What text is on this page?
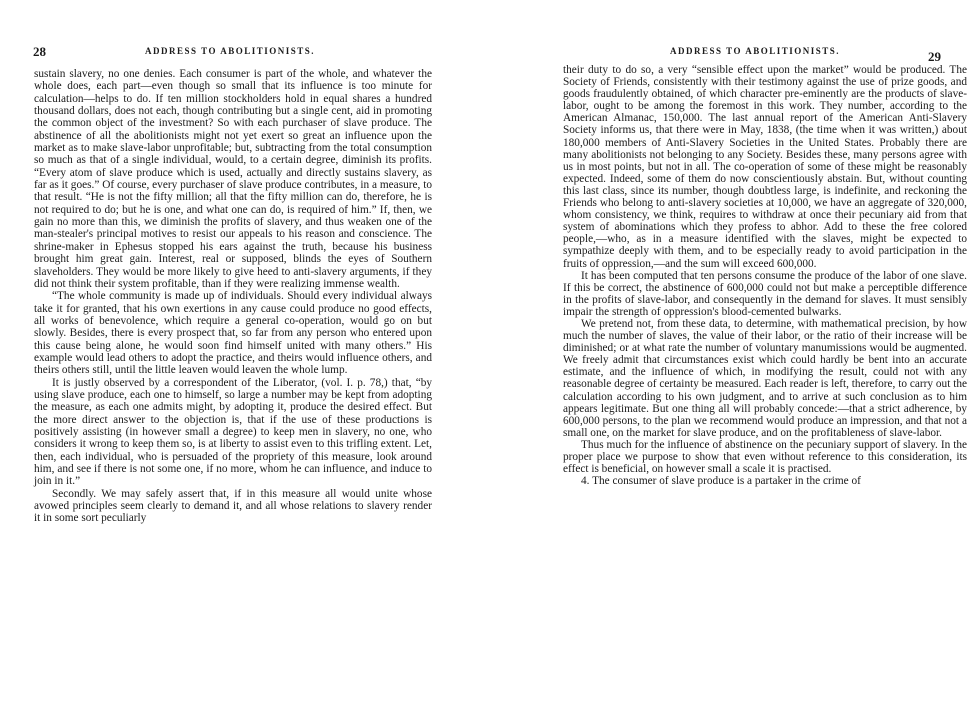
28	ADDRESS TO ABOLITIONISTS.

sustain slavery, no one denies. Each consumer is part of the whole, and whatever the whole does, each part—even though so small that its influence is too minute for calculation—helps to do. If ten million stockholders hold in equal shares a hundred thousand dollars, does not each, though contributing but a single cent, aid in promoting the common object of the investment? So with each purchaser of slave produce. The abstinence of all the abolitionists might not yet exert so great an influence upon the market as to make slave-labor unprofitable; but, subtracting from the total consumption so much as that of a single individual, would, to a certain degree, diminish its profits. “Every atom of slave produce which is used, actually and directly sustains slavery, as far as it goes.” Of course, every purchaser of slave produce contributes, in a measure, to that result. “He is not the fifty million; all that the fifty million can do, therefore, he is not required to do; but he is one, and what one can do, is required of him.” If, then, we gain no more than this, we diminish the profits of slavery, and thus weaken one of the man-stealer's principal motives to resist our appeals to his reason and conscience. The shrine-maker in Ephesus stopped his ears against the truth, because his business brought him great gain. Interest, real or supposed, blinds the eyes of Southern slaveholders. They would be more likely to give heed to anti-slavery arguments, if they did not think their system profitable, than if they were realizing immense wealth.

“The whole community is made up of individuals. Should every individual always take it for granted, that his own exertions in any cause could produce no good effects, all works of benevolence, which require a general co-operation, would go on but slowly. Besides, there is every prospect that, so far from any person who entered upon this cause being alone, he would soon find himself united with many others.” His example would lead others to adopt the practice, and theirs would influence others, and theirs others still, until the little leaven would leaven the whole lump.

It is justly observed by a correspondent of the Liberator, (vol. I. p. 78,) that, “by using slave produce, each one to himself, so large a number may be kept from adopting the measure, as each one admits might, by adopting it, produce the desired effect. But the more direct answer to the objection is, that if the use of these productions is positively assisting (in however small a degree) to keep men in slavery, no one, who considers it wrong to keep them so, is at liberty to assist even to this trifling extent. Let, then, each individual, who is persuaded of the propriety of this measure, look around him, and see if there is not some one, if no more, whom he can influence, and induce to join in it.”

Secondly. We may safely assert that, if in this measure all would unite whose avowed principles seem clearly to demand it, and all whose relations to slavery render it in some sort peculiarly

ADDRESS TO ABOLITIONISTS.	29

their duty to do so, a very “sensible effect upon the market” would be produced. The Society of Friends, consistently with their testimony against the use of prize goods, and goods fraudulently obtained, of which character pre-eminently are the products of slave-labor, ought to be among the foremost in this work. They number, according to the American Almanac, 150,000. The last annual report of the American Anti-Slavery Society informs us, that there were in May, 1838, (the time when it was written,) about 180,000 members of Anti-Slavery Societies in the United States. Probably there are many abolitionists not belonging to any Society. Besides these, many persons agree with us in most points, but not in all. The co-operation of some of these might be reasonably expected. Indeed, some of them do now conscientiously abstain. But, without counting this last class, since its number, though doubtless large, is indefinite, and reckoning the Friends who belong to anti-slavery societies at 10,000, we have an aggregate of 320,000, whom consistency, we think, requires to withdraw at once their pecuniary aid from that system of abominations which they profess to abhor. Add to these the free colored people,—who, as in a measure identified with the slaves, might be expected to sympathize deeply with them, and to be especially ready to avoid participation in the fruits of oppression,—and the sum will exceed 600,000.

It has been computed that ten persons consume the produce of the labor of one slave. If this be correct, the abstinence of 600,000 could not but make a perceptible difference in the profits of slave-labor, and consequently in the demand for slaves. It must sensibly impair the strength of oppression's blood-cemented bulwarks.

We pretend not, from these data, to determine, with mathematical precision, by how much the number of slaves, the value of their labor, or the ratio of their increase will be diminished; or at what rate the number of voluntary manumissions would be augmented. We freely admit that circumstances exist which could hardly be bent into an accurate estimate, and the influence of which, in modifying the result, could not with any reasonable degree of certainty be measured. Each reader is left, therefore, to carry out the calculation according to his own judgment, and to arrive at such conclusion as to him appears legitimate. But one thing all will probably concede:—that a strict adherence, by 600,000 persons, to the plan we recommend would produce an impression, and that not a small one, on the market for slave produce, and on the profitableness of slave-labor.

Thus much for the influence of abstinence on the pecuniary support of slavery. In the proper place we purpose to show that even without reference to this consideration, its effect is beneficial, on however small a scale it is practised.

4. The consumer of slave produce is a partaker in the crime of
